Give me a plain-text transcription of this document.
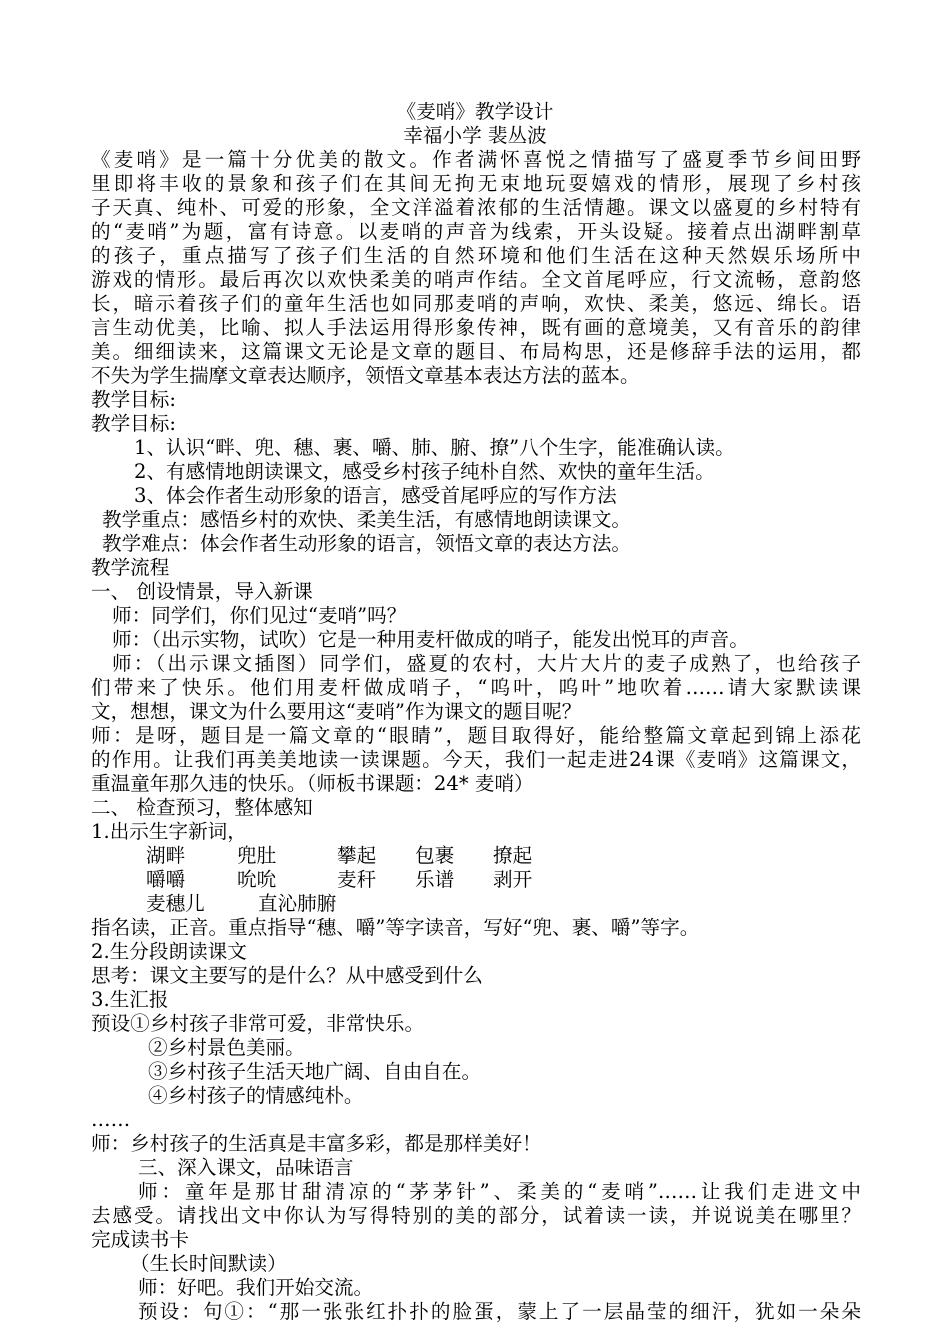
《麦哨》教学设计
幸福小学 裴丛波
《麦哨》是一篇十分优美的散文。作者满怀喜悦之情描写了盛夏季节乡间田野
里即将丰收的景象和孩子们在其间无拘无束地玩耍嬉戏的情形，展现了乡村孩
子天真、纯朴、可爱的形象，全文洋溢着浓郁的生活情趣。课文以盛夏的乡村特有
的“麦哨”为题，富有诗意。以麦哨的声音为线索，开头设疑。接着点出湖畔割草
的孩子，重点描写了孩子们生活的自然环境和他们生活在这种天然娱乐场所中
游戏的情形。最后再次以欢快柔美的哨声作结。全文首尾呼应，行文流畅，意韵悠
长，暗示着孩子们的童年生活也如同那麦哨的声响，欢快、柔美，悠远、绵长。语
言生动优美，比喻、拟人手法运用得形象传神，既有画的意境美，又有音乐的韵律
美。细细读来，这篇课文无论是文章的题目、布局构思，还是修辞手法的运用，都
不失为学生揣摩文章表达顺序，领悟文章基本表达方法的蓝本。
教学目标:
教学目标:
1、认识“畔、兜、穗、裹、嚼、肺、腑、撩”八个生字，能准确认读。
2、有感情地朗读课文，感受乡村孩子纯朴自然、欢快的童年生活。
3、体会作者生动形象的语言，感受首尾呼应的写作方法
教学重点：感悟乡村的欢快、柔美生活，有感情地朗读课文。
教学难点：体会作者生动形象的语言，领悟文章的表达方法。
教学流程
一、 创设情景，导入新课
师：同学们，你们见过“麦哨”吗？
师：（出示实物，试吹）它是一种用麦杆做成的哨子，能发出悦耳的声音。
师：（出示课文插图）同学们，盛夏的农村，大片大片的麦子成熟了，也给孩子
们带来了快乐。他们用麦杆做成哨子，“呜叶，呜叶”地吹着……请大家默读课
文，想想，课文为什么要用这“麦哨”作为课文的题目呢？
师：是呀，题目是一篇文章的“眼睛”，题目取得好，能给整篇文章起到锦上添花
的作用。让我们再美美地读一读课题。今天，我们一起走进24课《麦哨》这篇课文，
重温童年那久违的快乐。（师板书课题：24* 麦哨）
二、 检查预习，整体感知
1.出示生字新词，
湖畔	兜肚	攀起 包裹 撩起
嚼嚼	吮吮	麦秆 乐谱 剥开
麦穗儿	直沁肺腑
指名读，正音。重点指导“穗、嚼”等字读音，写好“兜、裹、嚼”等字。
2.生分段朗读课文
思考：课文主要写的是什么？从中感受到什么
3.生汇报
预设①乡村孩子非常可爱，非常快乐。
②乡村景色美丽。
③乡村孩子生活天地广阔、自由自在。
④乡村孩子的情感纯朴。
……
师：乡村孩子的生活真是丰富多彩，都是那样美好！
三、深入课文，品味语言
师：童年是那甘甜清凉的“茅茅针”、柔美的“麦哨”……让我们走进文中
去感受。请找出文中你认为写得特别的美的部分，试着读一读，并说说美在哪里？
完成读书卡
（生长时间默读）
师：好吧。我们开始交流。
预设：句①：“那一张张红扑扑的脸蛋，蒙上了一层晶莹的细汗，犹如一朵朵
